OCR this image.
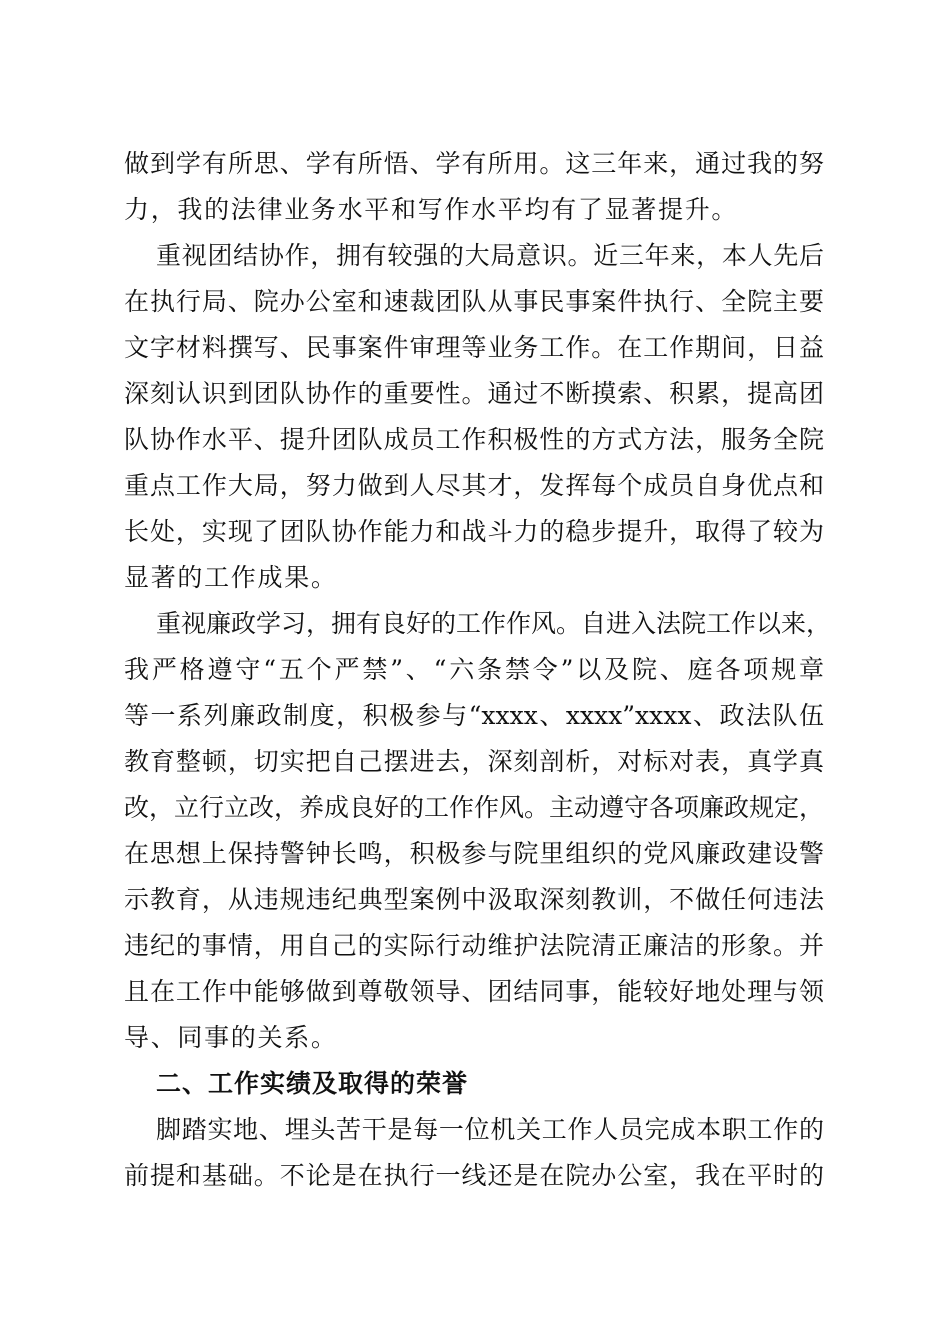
做到学有所思、学有所悟、学有所用。这三年来，通过我的努
力，我的法律业务水平和写作水平均有了显著提升。
重视团结协作，拥有较强的大局意识。近三年来，本人先后
在执行局、院办公室和速裁团队从事民事案件执行、全院主要
文字材料撰写、民事案件审理等业务工作。在工作期间，日益
深刻认识到团队协作的重要性。通过不断摸索、积累，提高团
队协作水平、提升团队成员工作积极性的方式方法，服务全院
重点工作大局，努力做到人尽其才，发挥每个成员自身优点和
长处，实现了团队协作能力和战斗力的稳步提升，取得了较为
显著的工作成果。
重视廉政学习，拥有良好的工作作风。自进入法院工作以来，
我严格遵守“五个严禁”、“六条禁令”以及院、庭各项规章
等一系列廉政制度，积极参与“xxxx、xxxx”xxxx、政法队伍
教育整顿，切实把自己摆进去，深刻剖析，对标对表，真学真
改，立行立改，养成良好的工作作风。主动遵守各项廉政规定，
在思想上保持警钟长鸣，积极参与院里组织的党风廉政建设警
示教育，从违规违纪典型案例中汲取深刻教训，不做任何违法
违纪的事情，用自己的实际行动维护法院清正廉洁的形象。并
且在工作中能够做到尊敬领导、团结同事，能较好地处理与领
导、同事的关系。
二、工作实绩及取得的荣誉
脚踏实地、埋头苦干是每一位机关工作人员完成本职工作的
前提和基础。不论是在执行一线还是在院办公室，我在平时的
